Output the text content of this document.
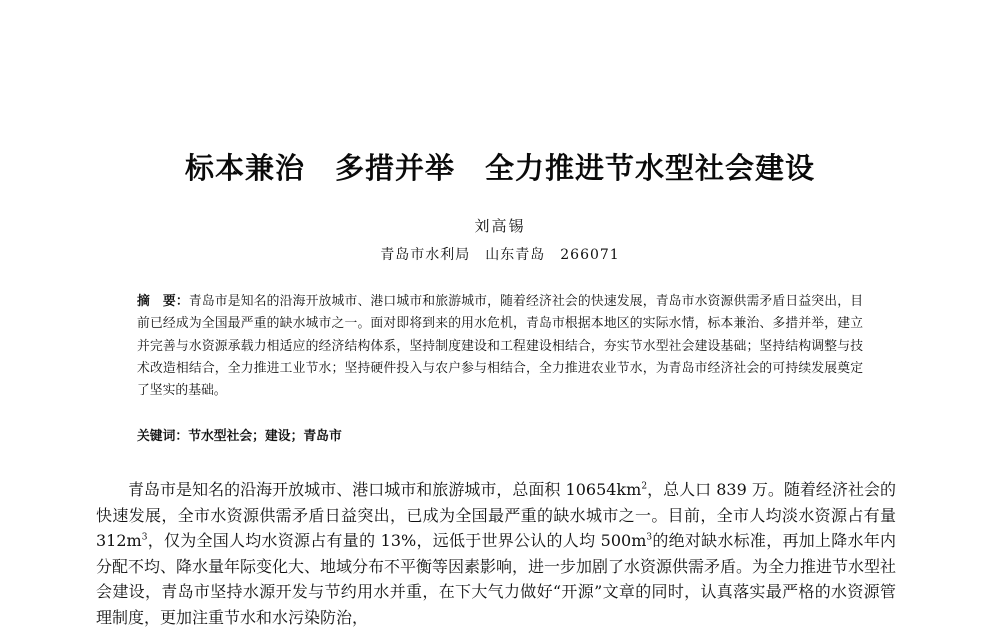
标本兼治　多措并举　全力推进节水型社会建设
刘高锡
青岛市水利局　山东青岛　266071
摘　要：青岛市是知名的沿海开放城市、港口城市和旅游城市，随着经济社会的快速发展，青岛市水资源供需矛盾日益突出，目前已经成为全国最严重的缺水城市之一。面对即将到来的用水危机，青岛市根据本地区的实际水情，标本兼治、多措并举，建立并完善与水资源承载力相适应的经济结构体系，坚持制度建设和工程建设相结合，夯实节水型社会建设基础；坚持结构调整与技术改造相结合，全力推进工业节水；坚持硬件投入与农户参与相结合，全力推进农业节水，为青岛市经济社会的可持续发展奠定了坚实的基础。
关键词：节水型社会；建设；青岛市
青岛市是知名的沿海开放城市、港口城市和旅游城市，总面积 $10654km^2$，总人口 839 万。随着经济社会的快速发展，全市水资源供需矛盾日益突出，已成为全国最严重的缺水城市之一。目前，全市人均淡水资源占有量 $312m^3$，仅为全国人均水资源占有量的 13%，远低于世界公认的人均 $500m^3$的绝对缺水标准，再加上降水年内分配不均、降水量年际变化大、地域分布不平衡等因素影响，进一步加剧了水资源供需矛盾。为全力推进节水型社会建设，青岛市坚持水源开发与节约用水并重，在下大气力做好“开源”文章的同时，认真落实最严格的水资源管理制度，更加注重节水和水污染防治，
